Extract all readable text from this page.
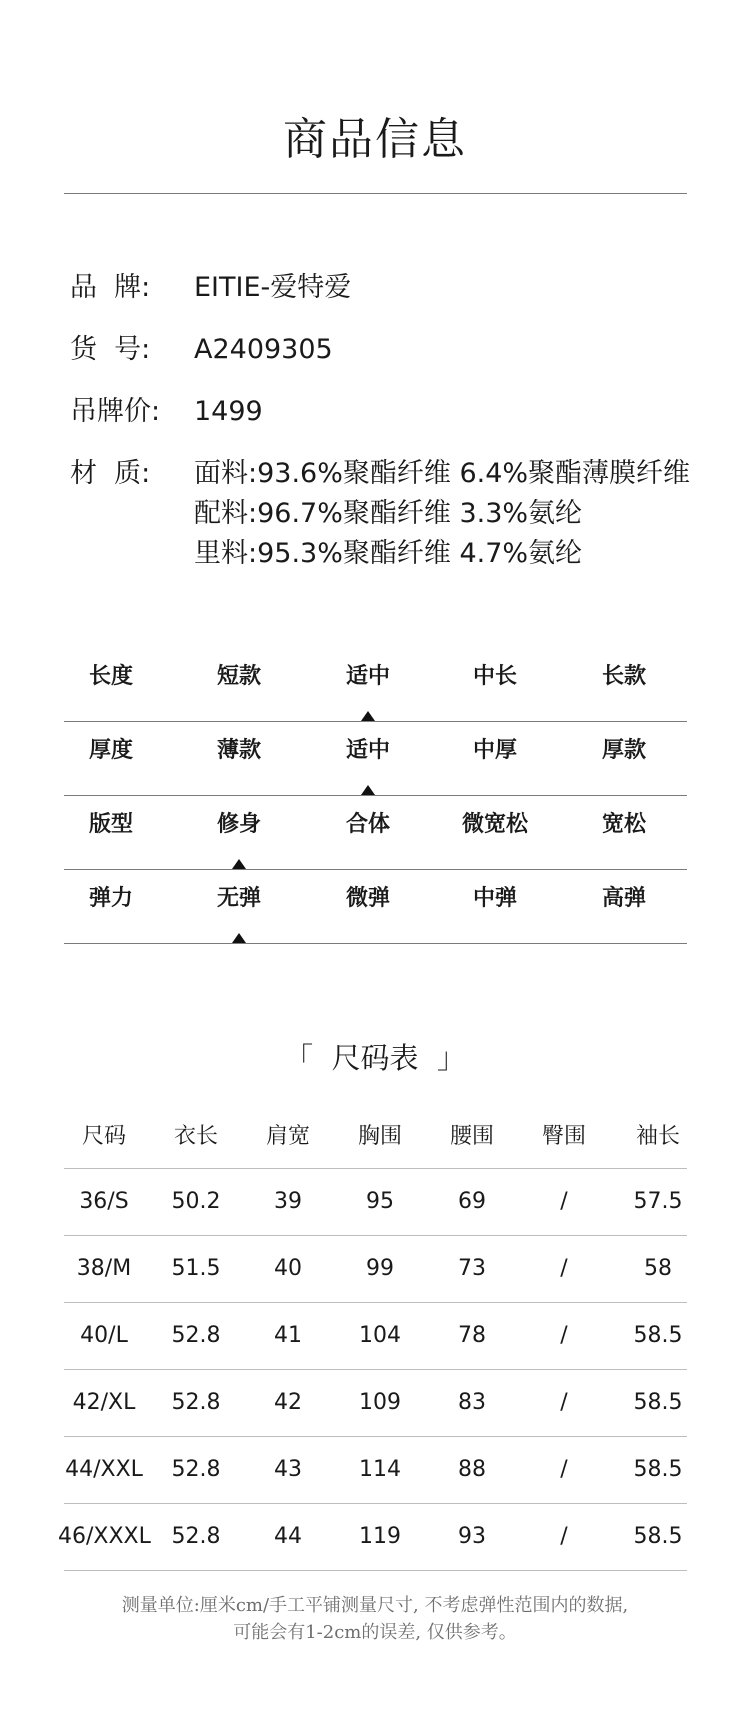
商品信息
品  牌:	EITIE-爱特爱
货  号:	A2409305
吊牌价:	1499
材  质:	面料:93.6%聚酯纤维 6.4%聚酯薄膜纤维
配料:96.7%聚酯纤维 3.3%氨纶
里料:95.3%聚酯纤维 4.7%氨纶
长度	短款	适中	中长	长款
厚度	薄款	适中	中厚	厚款
版型	修身	合体	微宽松	宽松
弹力	无弹	微弹	中弹	高弹
「  尺码表  」
尺码	衣长	肩宽	胸围	腰围	臀围	袖长
36/S	50.2	39	95	69	/	57.5
38/M	51.5	40	99	73	/	58
40/L	52.8	41	104	78	/	58.5
42/XL	52.8	42	109	83	/	58.5
44/XXL	52.8	43	114	88	/	58.5
46/XXXL 52.8	44	119	93	/	58.5
测量单位:厘米cm/手工平铺测量尺寸, 不考虑弹性范围内的数据,
可能会有1-2cm的误差, 仅供参考。
